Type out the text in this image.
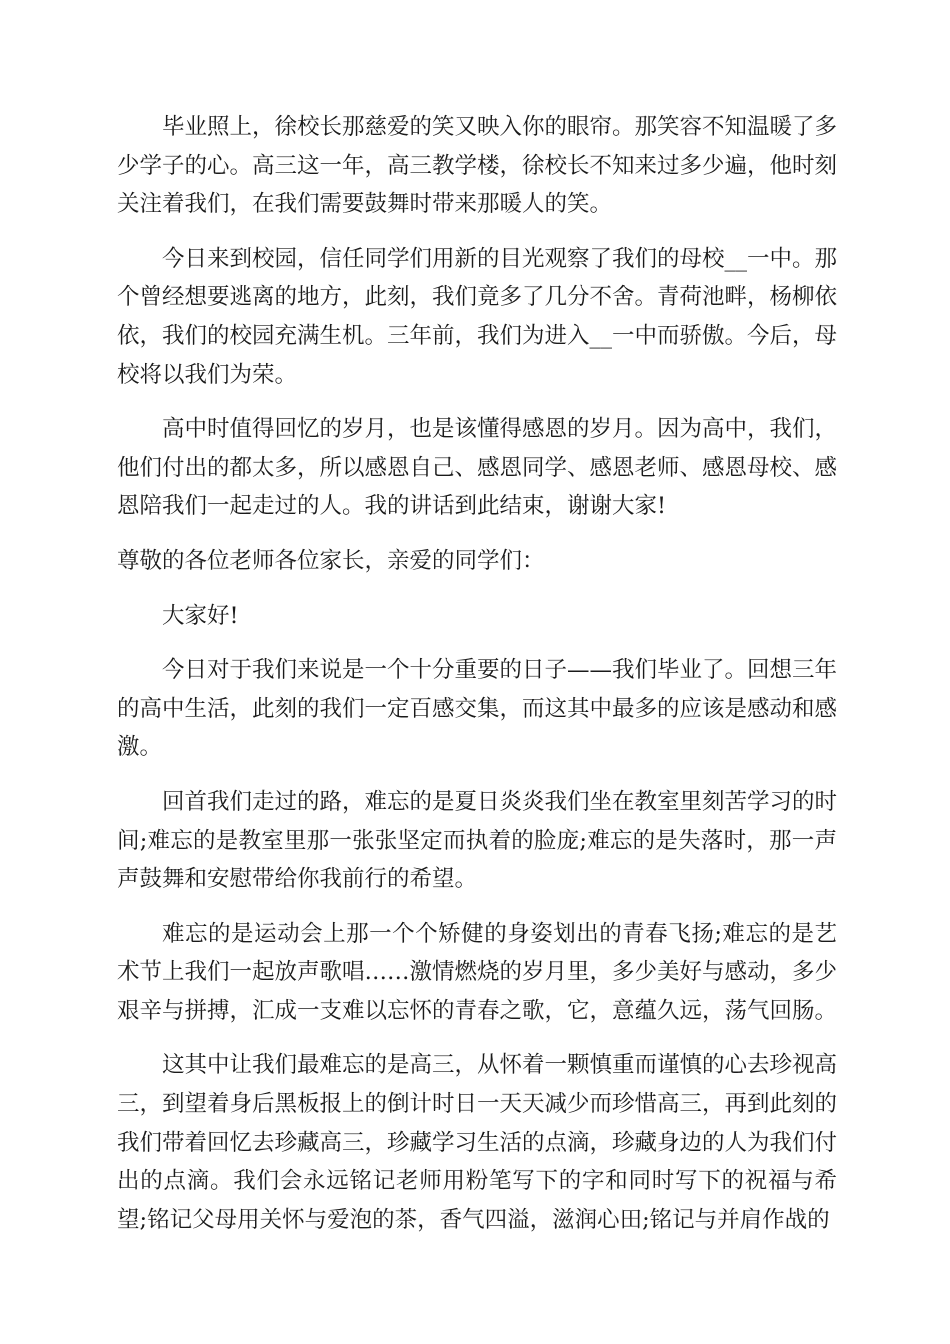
毕业照上，徐校长那慈爱的笑又映入你的眼帘。那笑容不知温暖了多少学子的心。高三这一年，高三教学楼，徐校长不知来过多少遍，他时刻关注着我们，在我们需要鼓舞时带来那暖人的笑。

今日来到校园，信任同学们用新的目光观察了我们的母校__一中。那个曾经想要逃离的地方，此刻，我们竟多了几分不舍。青荷池畔，杨柳依依，我们的校园充满生机。三年前，我们为进入__一中而骄傲。今后，母校将以我们为荣。

高中时值得回忆的岁月，也是该懂得感恩的岁月。因为高中，我们，他们付出的都太多，所以感恩自己、感恩同学、感恩老师、感恩母校、感恩陪我们一起走过的人。我的讲话到此结束，谢谢大家!

尊敬的各位老师各位家长，亲爱的同学们：

大家好!

今日对于我们来说是一个十分重要的日子——我们毕业了。回想三年的高中生活，此刻的我们一定百感交集，而这其中最多的应该是感动和感激。

回首我们走过的路，难忘的是夏日炎炎我们坐在教室里刻苦学习的时间;难忘的是教室里那一张张坚定而执着的脸庞;难忘的是失落时，那一声声鼓舞和安慰带给你我前行的希望。

难忘的是运动会上那一个个矫健的身姿划出的青春飞扬;难忘的是艺术节上我们一起放声歌唱……激情燃烧的岁月里，多少美好与感动，多少艰辛与拼搏，汇成一支难以忘怀的青春之歌，它，意蕴久远，荡气回肠。

这其中让我们最难忘的是高三，从怀着一颗慎重而谨慎的心去珍视高三，到望着身后黑板报上的倒计时日一天天减少而珍惜高三，再到此刻的我们带着回忆去珍藏高三，珍藏学习生活的点滴，珍藏身边的人为我们付出的点滴。我们会永远铭记老师用粉笔写下的字和同时写下的祝福与希望;铭记父母用关怀与爱泡的茶，香气四溢，滋润心田;铭记与并肩作战的
